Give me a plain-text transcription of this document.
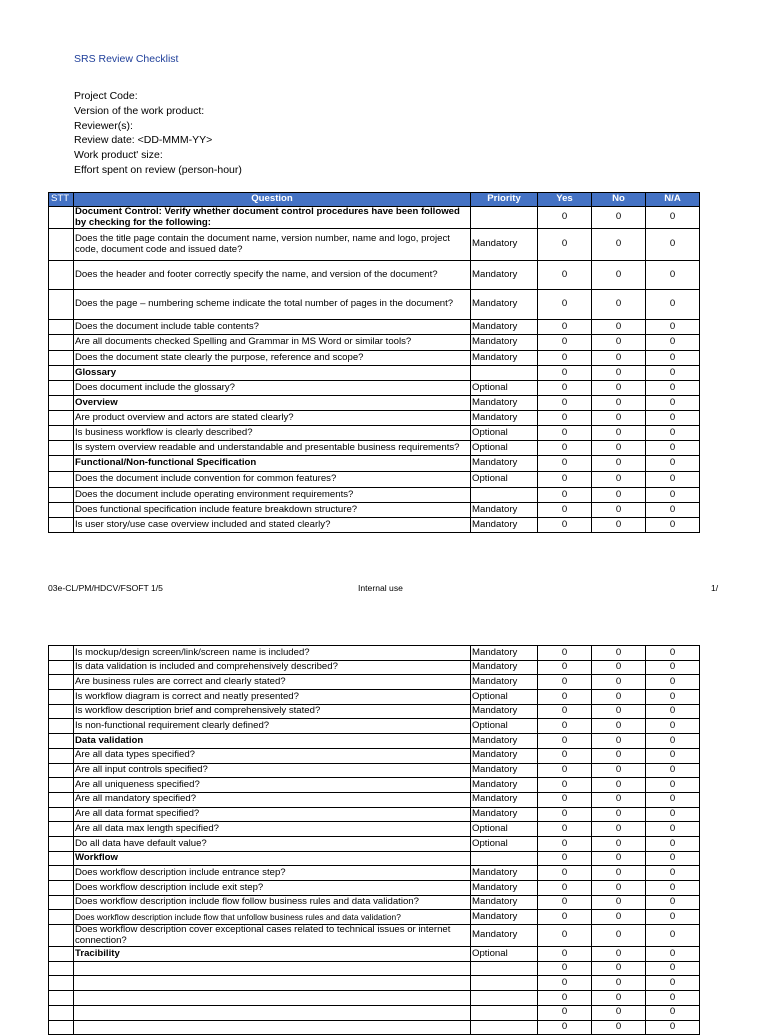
SRS Review Checklist
Project Code:
Version of the work product:
Reviewer(s):
Review date: <DD-MMM-YY>
Work product' size:
Effort spent on review (person-hour)
STT	Question	Priority	Yes	No	N/A
	Document Control: Verify whether document control procedures have been followed by checking for the following:		0	0	0
	Does the title page contain the document name, version number, name and logo, project code, document code and issued date?	Mandatory	0	0	0
	Does the header and footer correctly specify the name, and version of the document?	Mandatory	0	0	0
	Does the page – numbering scheme indicate the total number of pages in the document?	Mandatory	0	0	0
	Does the document include table contents?	Mandatory	0	0	0
	Are all documents checked Spelling and Grammar in MS Word or similar tools?	Mandatory	0	0	0
	Does the document state clearly the purpose, reference and scope?	Mandatory	0	0	0
	Glossary		0	0	0
	Does document include the glossary?	Optional	0	0	0
	Overview	Mandatory	0	0	0
	Are product overview and actors are stated clearly?	Mandatory	0	0	0
	Is business workflow is clearly described?	Optional	0	0	0
	Is system overview readable and understandable and presentable business requirements?	Optional	0	0	0
	Functional/Non-functional Specification	Mandatory	0	0	0
	Does the document include convention for common features?	Optional	0	0	0
	Does the document include operating environment requirements?		0	0	0
	Does functional specification include feature breakdown structure?	Mandatory	0	0	0
	Is user story/use case overview included and stated clearly?	Mandatory	0	0	0
03e-CL/PM/HDCV/FSOFT 1/5	Internal use	1/
	Is mockup/design screen/link/screen name is included?	Mandatory	0	0	0
	Is data validation is included and comprehensively described?	Mandatory	0	0	0
	Are business rules are correct and clearly stated?	Mandatory	0	0	0
	Is workflow diagram is correct and neatly presented?	Optional	0	0	0
	Is workflow description brief and comprehensively stated?	Mandatory	0	0	0
	Is non-functional requirement clearly defined?	Optional	0	0	0
	Data validation	Mandatory	0	0	0
	Are all data types specified?	Mandatory	0	0	0
	Are all input controls specified?	Mandatory	0	0	0
	Are all uniqueness specified?	Mandatory	0	0	0
	Are all mandatory specified?	Mandatory	0	0	0
	Are all data format specified?	Mandatory	0	0	0
	Are all data max length specified?	Optional	0	0	0
	Do all data have default value?	Optional	0	0	0
	Workflow		0	0	0
	Does workflow description include entrance step?	Mandatory	0	0	0
	Does workflow description include exit step?	Mandatory	0	0	0
	Does workflow description include flow follow business rules and data validation?	Mandatory	0	0	0
	Does workflow description include flow that unfollow business rules and data validation?	Mandatory	0	0	0
	Does workflow description cover exceptional cases related to technical issues or internet connection?	Mandatory	0	0	0
	Tracibility	Optional	0	0	0
			0	0	0
			0	0	0
			0	0	0
			0	0	0
			0	0	0
